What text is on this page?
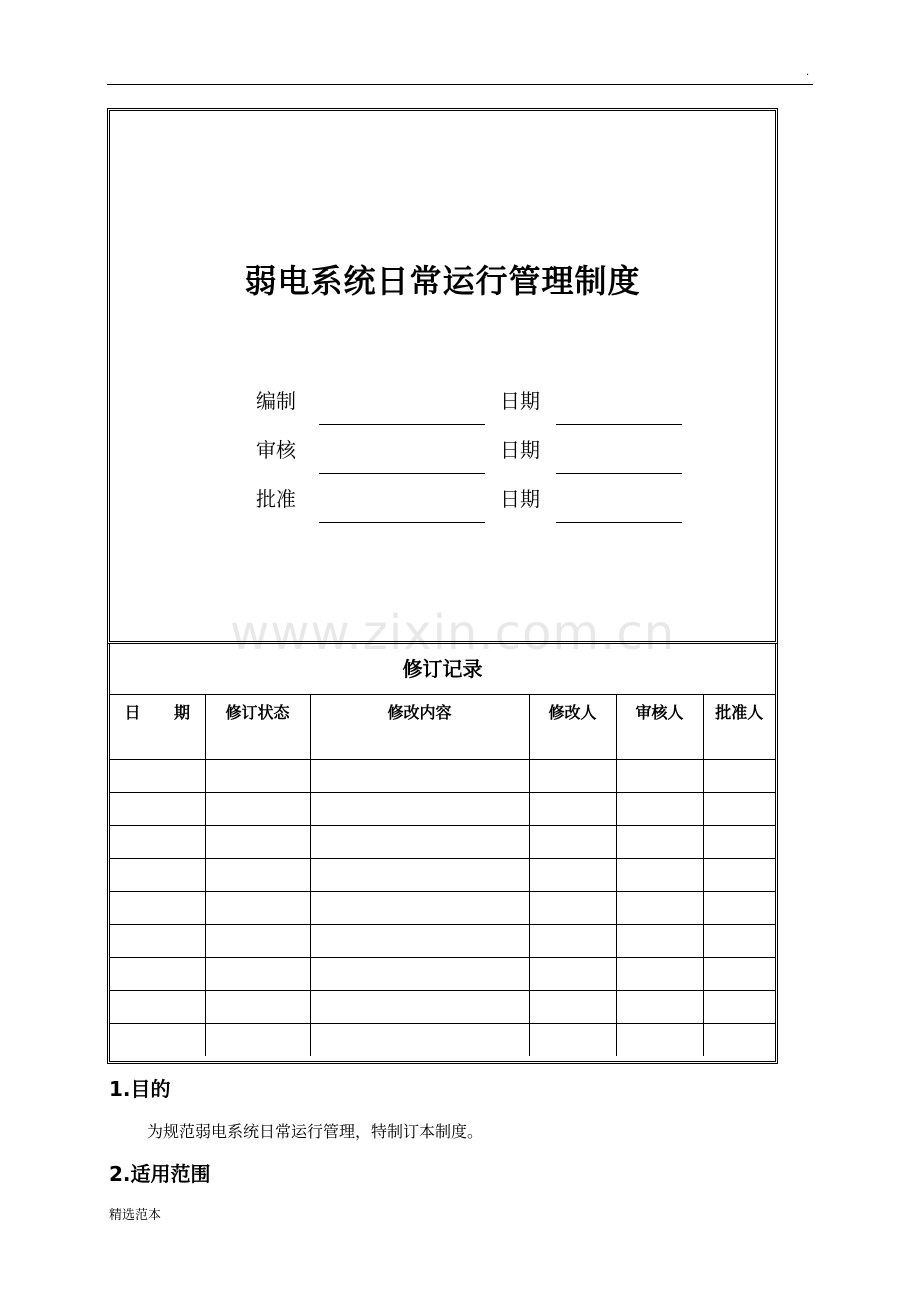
.
弱电系统日常运行管理制度
编制	日期
审核	日期
批准	日期
www.zixin.com.cn
修订记录
日 期	修订状态	修改内容	修改人	审核人	批准人

1.目的
为规范弱电系统日常运行管理，特制订本制度。
2.适用范围
精选范本
